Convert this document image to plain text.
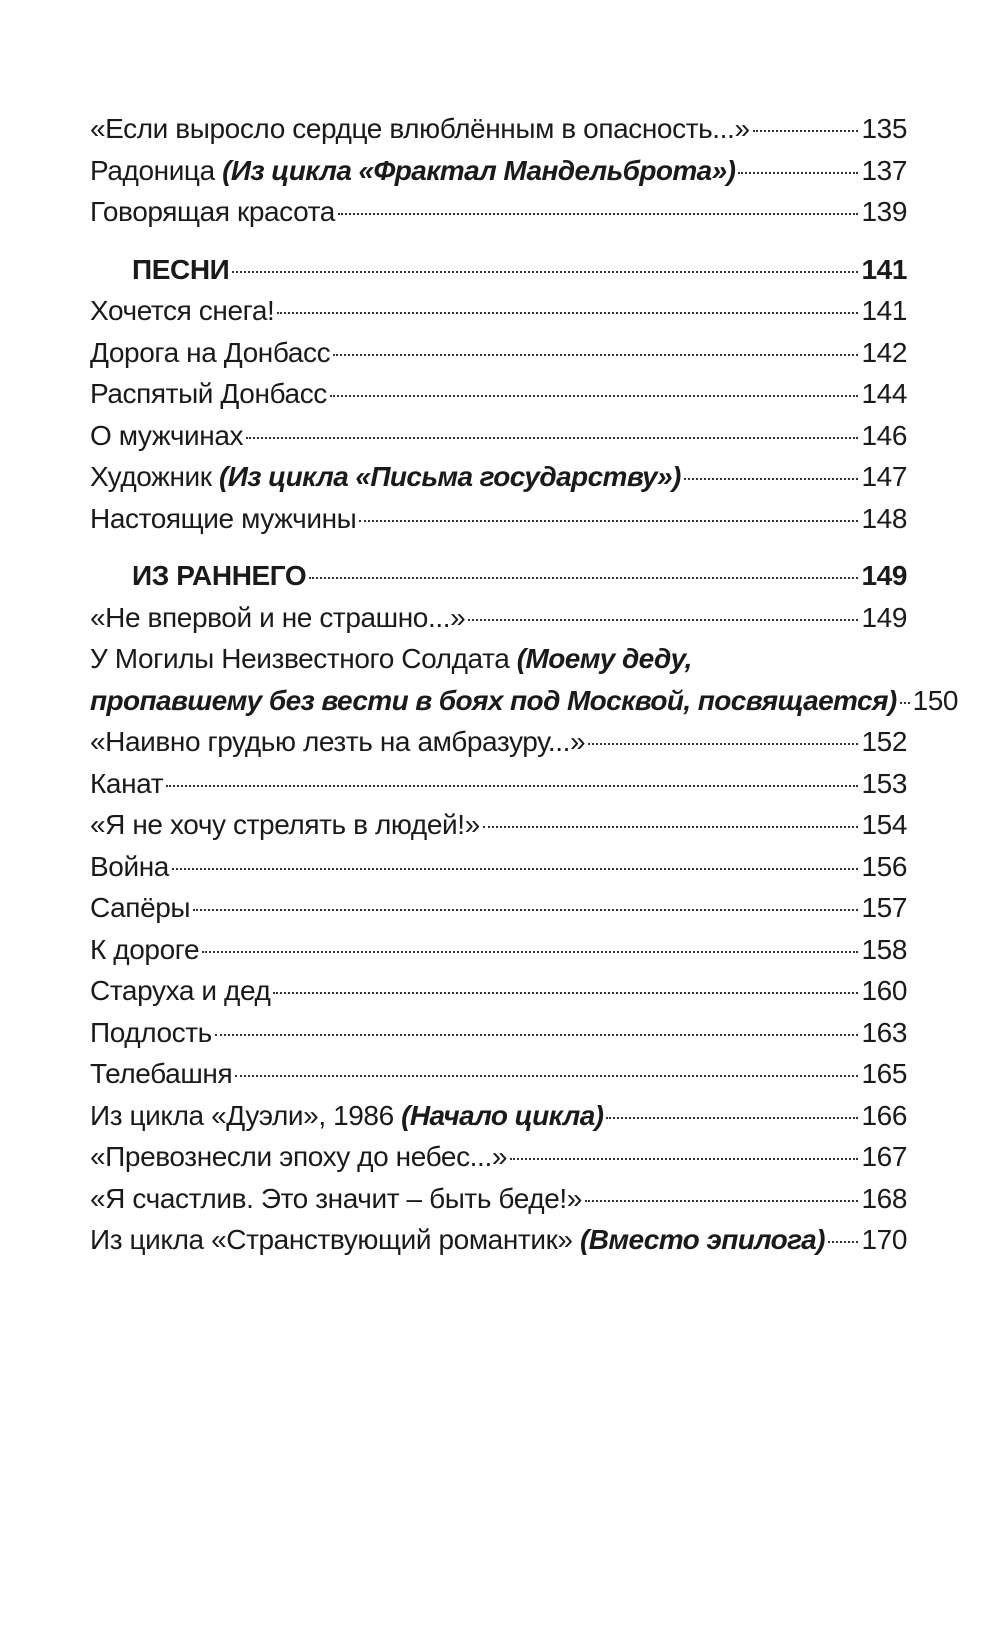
«Если выросло сердце влюблённым в опасность...»	135
Радоница (Из цикла «Фрактал Мандельброта»)	137
Говорящая красота	139
ПЕСНИ	141
Хочется снега!	141
Дорога на Донбасс	142
Распятый Донбасс	144
О мужчинах	146
Художник (Из цикла «Письма государству»)	147
Настоящие мужчины	148
ИЗ РАННЕГО	149
«Не впервой и не страшно...»	149
У Могилы Неизвестного Солдата (Моему деду,
пропавшему без вести в боях под Москвой, посвящается) 150
«Наивно грудью лезть на амбразуру...»	152
Канат	153
«Я не хочу стрелять в людей!»	154
Война	156
Сапёры	157
К дороге	158
Старуха и дед	160
Подлость	163
Телебашня	165
Из цикла «Дуэли», 1986 (Начало цикла)	166
«Превознесли эпоху до небес...»	167
«Я счастлив. Это значит – быть беде!»	168
Из цикла «Странствующий романтик» (Вместо эпилога) 170
